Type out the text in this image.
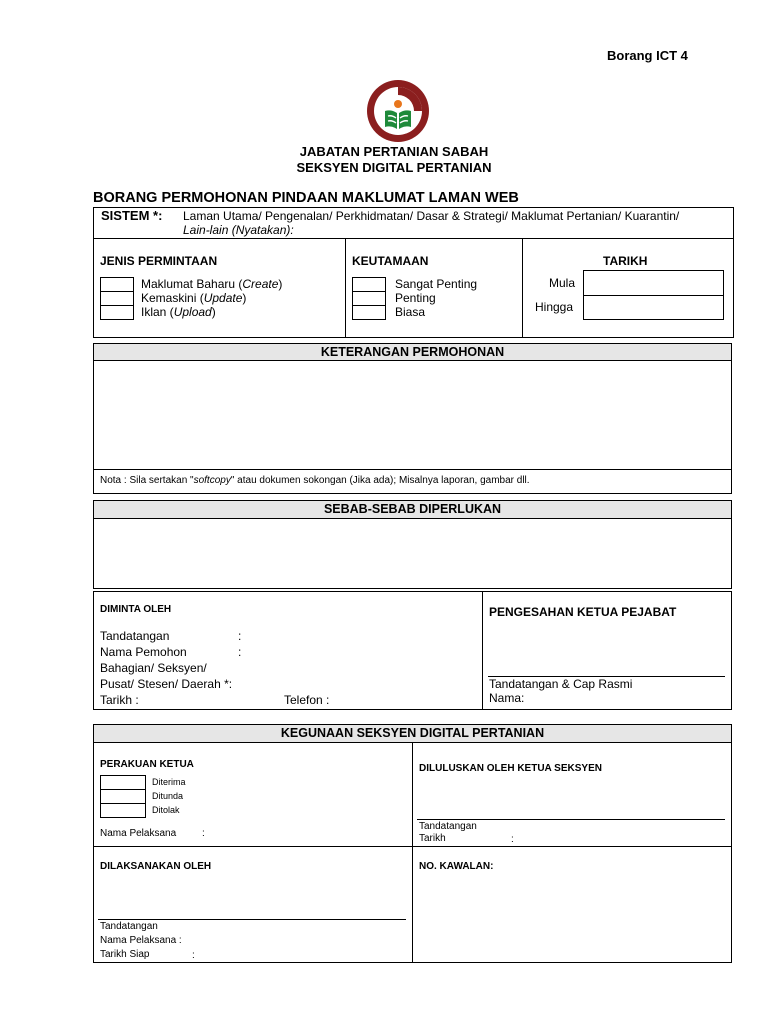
Borang ICT 4
JABATAN PERTANIAN SABAH
SEKSYEN DIGITAL PERTANIAN
BORANG PERMOHONAN PINDAAN MAKLUMAT LAMAN WEB
SISTEM *: Laman Utama/ Pengenalan/ Perkhidmatan/ Dasar & Strategi/ Maklumat Pertanian/ Kuarantin/
Lain-lain (Nyatakan):
JENIS PERMINTAAN
Maklumat Baharu (Create)
Kemaskini (Update)
Iklan (Upload)
KEUTAMAAN
Sangat Penting
Penting
Biasa
TARIKH
Mula
Hingga
KETERANGAN PERMOHONAN
Nota : Sila sertakan "softcopy" atau dokumen sokongan (Jika ada); Misalnya laporan, gambar dll.
SEBAB-SEBAB DIPERLUKAN
DIMINTA OLEH
Tandatangan	:
Nama Pemohon	:
Bahagian/ Seksyen/
Pusat/ Stesen/ Daerah *:
Tarikh :	Telefon :
PENGESAHAN KETUA PEJABAT
Tandatangan & Cap Rasmi
Nama:
KEGUNAAN SEKSYEN DIGITAL PERTANIAN
PERAKUAN KETUA
Diterima
Ditunda
Ditolak
Nama Pelaksana	:
DILULUSKAN OLEH KETUA SEKSYEN
Tandatangan
Tarikh	:
DILAKSANAKAN OLEH
Tandatangan
Nama Pelaksana :
Tarikh Siap	:
NO. KAWALAN:
